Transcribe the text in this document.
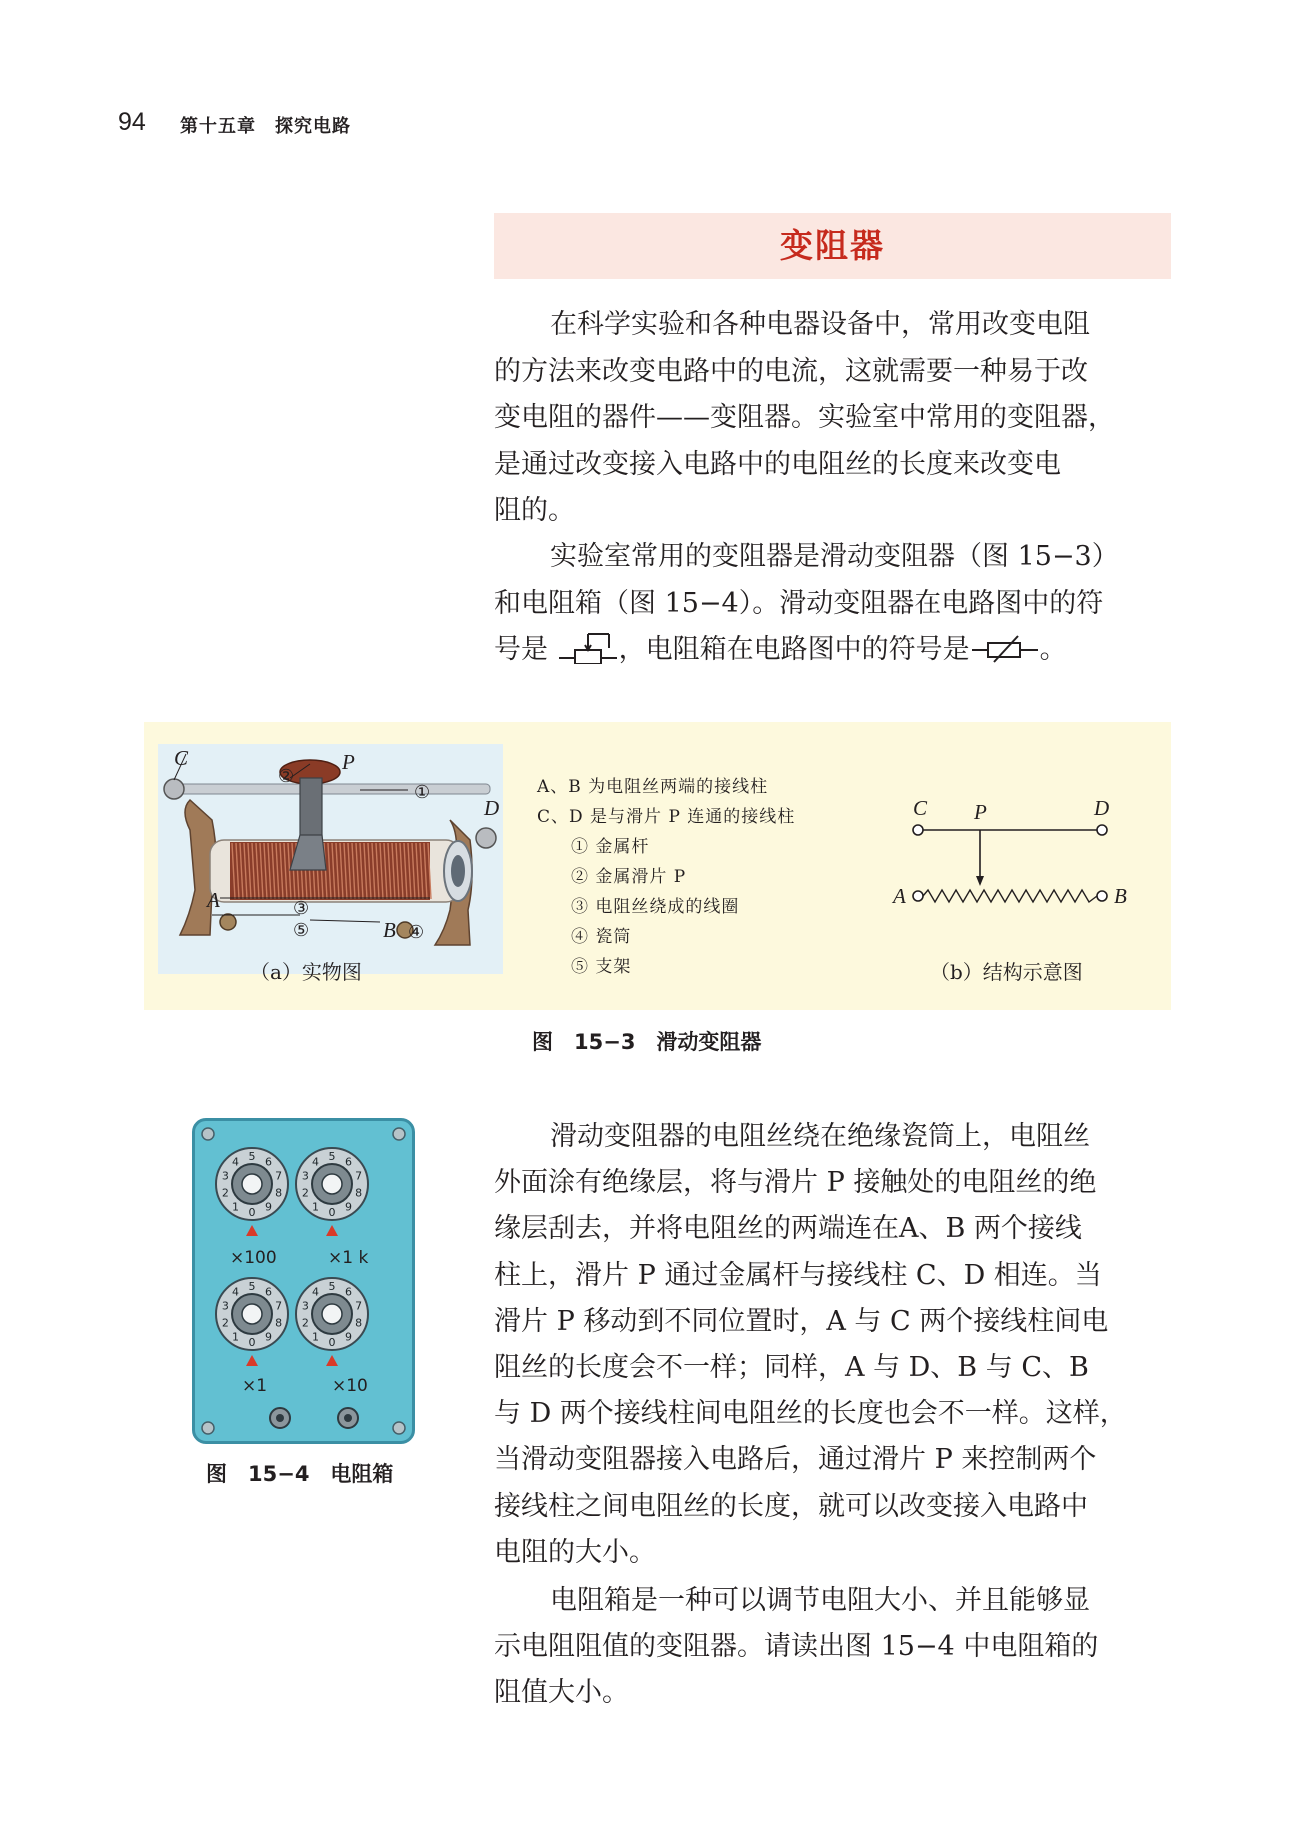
94 第十五章　探究电路
变阻器
在科学实验和各种电器设备中，常用改变电阻
的方法来改变电路中的电流，这就需要一种易于改
变电阻的器件——变阻器。实验室中常用的变阻器，
是通过改变接入电路中的电阻丝的长度来改变电
阻的。
实验室常用的变阻器是滑动变阻器（图 15−3）
和电阻箱（图 15−4）。滑动变阻器在电路图中的符
号是	，电阻箱在电路图中的符号是	。
C	P
D
A
B
①
②
③
④
⑤
（a）实物图
A、B 为电阻丝两端的接线柱
C、D 是与滑片 P 连通的接线柱
① 金属杆
② 金属滑片 P
③ 电阻丝绕成的线圈
④ 瓷筒
⑤ 支架
C P	D
A	B
（b）结构示意图
图　15−3　滑动变阻器
0
1
2
3
4 5 6
7
8
9	0
1
2
3
4 5 6
7
8
9
0
1
2
3
4 5 6
7
8
9	0
1
2
3
4 5 6
7
8
9
×100	×1 k
×1	×10
图　15−4　电阻箱
滑动变阻器的电阻丝绕在绝缘瓷筒上，电阻丝
外面涂有绝缘层，将与滑片 P 接触处的电阻丝的绝
缘层刮去，并将电阻丝的两端连在A、B 两个接线
柱上，滑片 P 通过金属杆与接线柱 C、D 相连。当
滑片 P 移动到不同位置时，A 与 C 两个接线柱间电
阻丝的长度会不一样；同样，A 与 D、B 与 C、B
与 D 两个接线柱间电阻丝的长度也会不一样。这样，
当滑动变阻器接入电路后，通过滑片 P 来控制两个
接线柱之间电阻丝的长度，就可以改变接入电路中
电阻的大小。
电阻箱是一种可以调节电阻大小、并且能够显
示电阻阻值的变阻器。请读出图 15−4 中电阻箱的
阻值大小。
